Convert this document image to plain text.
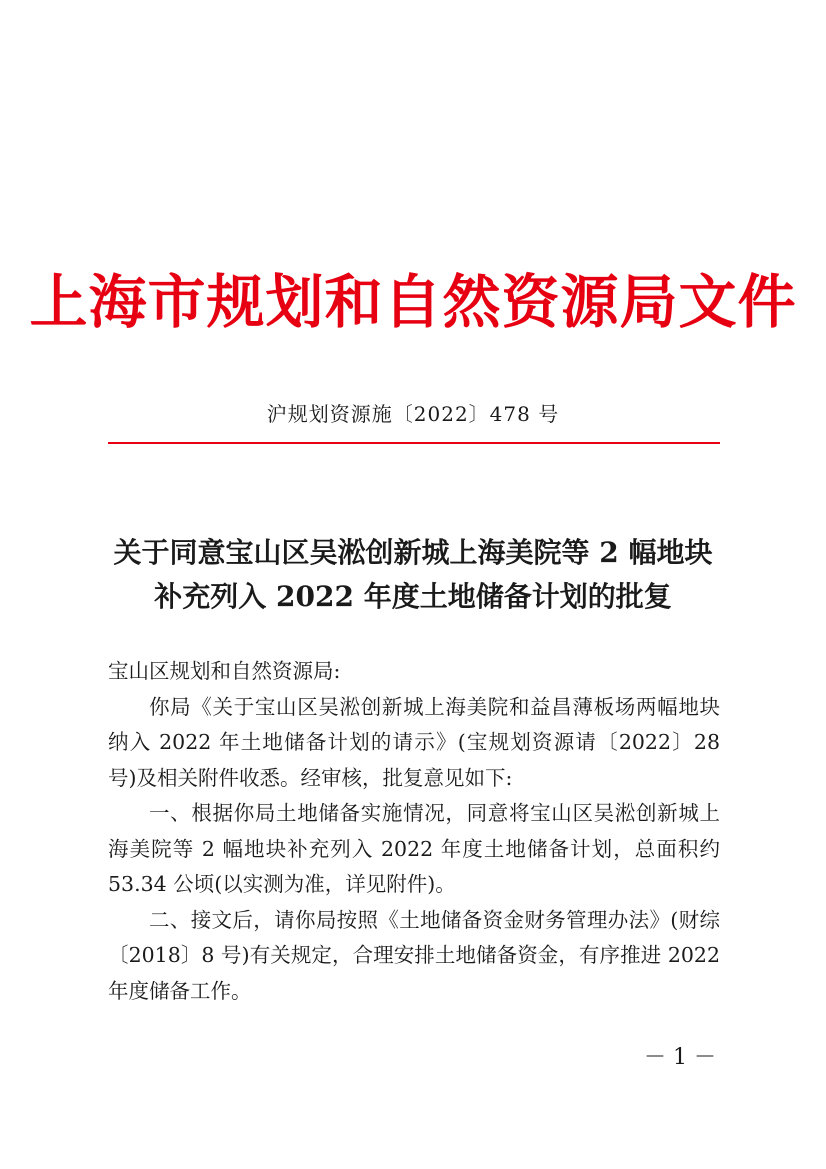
上海市规划和自然资源局文件
沪规划资源施〔2022〕478 号
关于同意宝山区吴淞创新城上海美院等 2 幅地块
补充列入 2022 年度土地储备计划的批复

宝山区规划和自然资源局:

你局《关于宝山区吴淞创新城上海美院和益昌薄板场两幅地块纳入 2022 年土地储备计划的请示》(宝规划资源请〔2022〕28 号)及相关附件收悉。经审核，批复意见如下:

一、根据你局土地储备实施情况，同意将宝山区吴淞创新城上海美院等 2 幅地块补充列入 2022 年度土地储备计划，总面积约 53.34 公顷(以实测为准，详见附件)。

二、接文后，请你局按照《土地储备资金财务管理办法》(财综〔2018〕8 号)有关规定，合理安排土地储备资金，有序推进 2022 年度储备工作。

－ 1 －
